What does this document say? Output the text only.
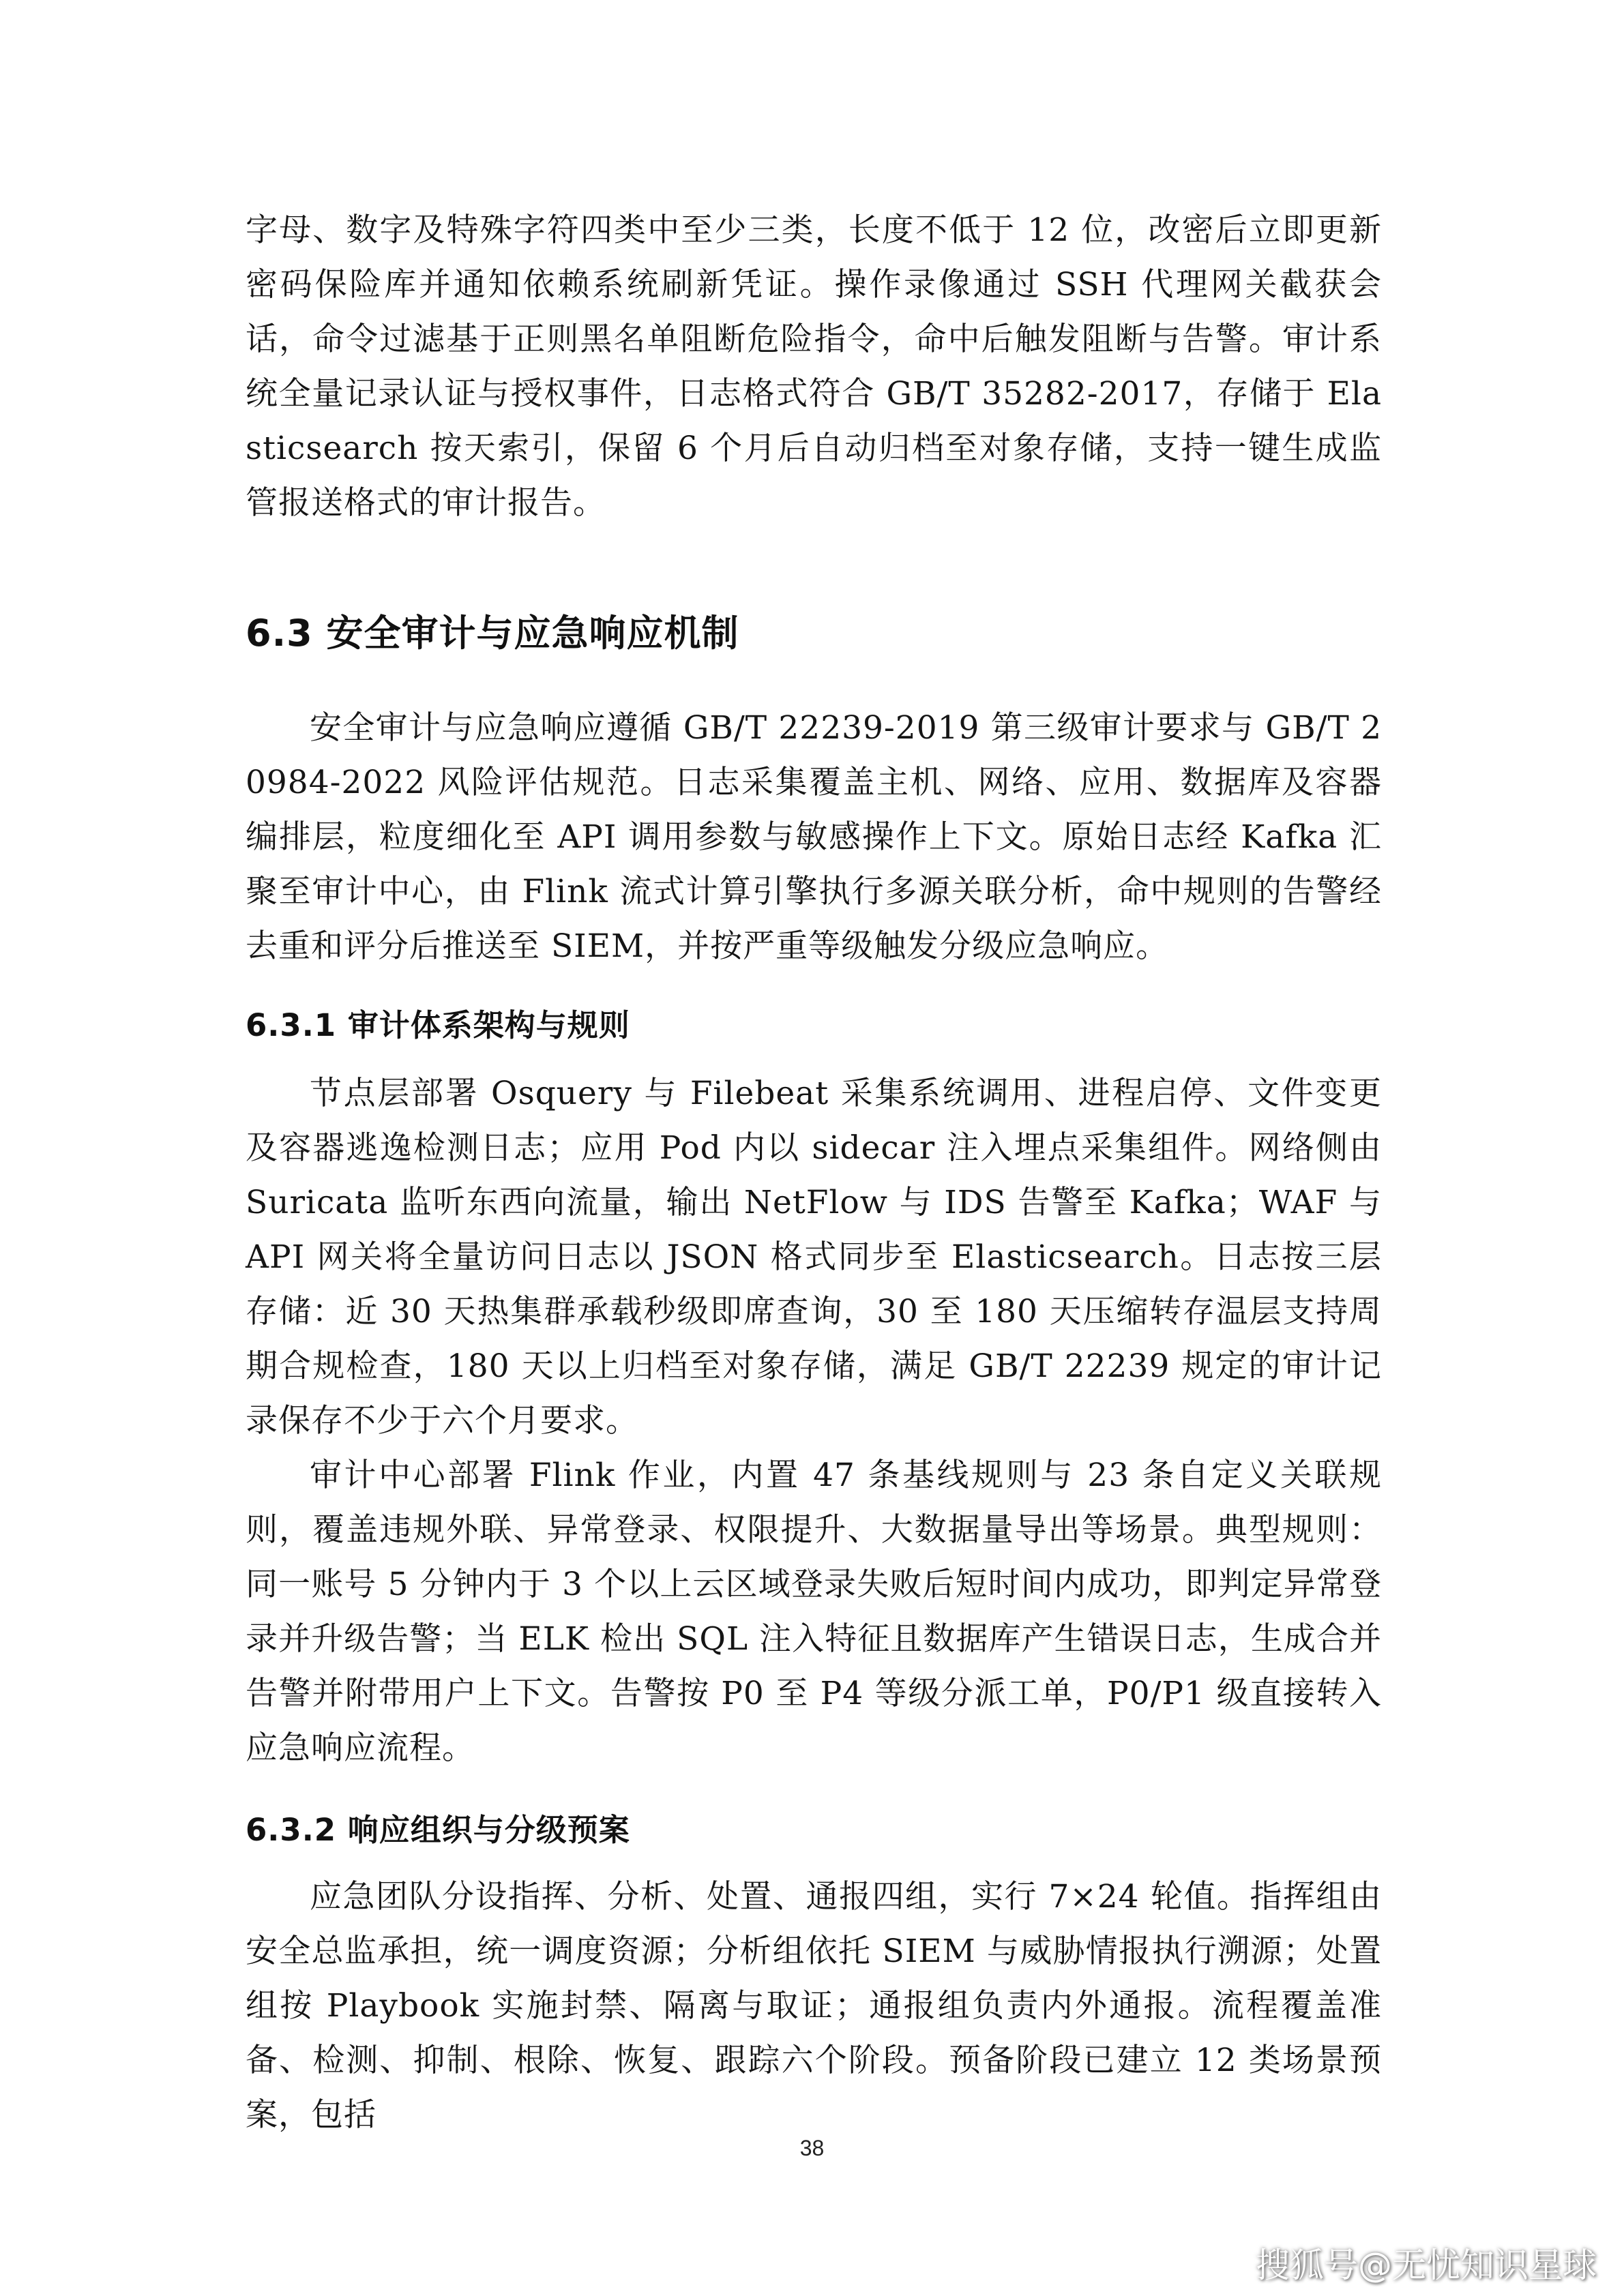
字母、数字及特殊字符四类中至少三类，长度不低于 12 位，改密后立即更新密码保险库并通知依赖系统刷新凭证。操作录像通过 SSH 代理网关截获会话，命令过滤基于正则黑名单阻断危险指令，命中后触发阻断与告警。审计系统全量记录认证与授权事件，日志格式符合 GB/T 35282-2017，存储于 Elasticsearch 按天索引，保留 6 个月后自动归档至对象存储，支持一键生成监管报送格式的审计报告。
6.3 安全审计与应急响应机制
安全审计与应急响应遵循 GB/T 22239-2019 第三级审计要求与 GB/T 20984-2022 风险评估规范。日志采集覆盖主机、网络、应用、数据库及容器编排层，粒度细化至 API 调用参数与敏感操作上下文。原始日志经 Kafka 汇聚至审计中心，由 Flink 流式计算引擎执行多源关联分析，命中规则的告警经去重和评分后推送至 SIEM，并按严重等级触发分级应急响应。
6.3.1 审计体系架构与规则
节点层部署 Osquery 与 Filebeat 采集系统调用、进程启停、文件变更及容器逃逸检测日志；应用 Pod 内以 sidecar 注入埋点采集组件。网络侧由 Suricata 监听东西向流量，输出 NetFlow 与 IDS 告警至 Kafka；WAF 与 API 网关将全量访问日志以 JSON 格式同步至 Elasticsearch。日志按三层存储：近 30 天热集群承载秒级即席查询，30 至 180 天压缩转存温层支持周期合规检查，180 天以上归档至对象存储，满足 GB/T 22239 规定的审计记录保存不少于六个月要求。
审计中心部署 Flink 作业，内置 47 条基线规则与 23 条自定义关联规则，覆盖违规外联、异常登录、权限提升、大数据量导出等场景。典型规则：同一账号 5 分钟内于 3 个以上云区域登录失败后短时间内成功，即判定异常登录并升级告警；当 ELK 检出 SQL 注入特征且数据库产生错误日志，生成合并告警并附带用户上下文。告警按 P0 至 P4 等级分派工单，P0/P1 级直接转入应急响应流程。
6.3.2 响应组织与分级预案
应急团队分设指挥、分析、处置、通报四组，实行 7×24 轮值。指挥组由安全总监承担，统一调度资源；分析组依托 SIEM 与威胁情报执行溯源；处置组按 Playbook 实施封禁、隔离与取证；通报组负责内外通报。流程覆盖准备、检测、抑制、根除、恢复、跟踪六个阶段。预备阶段已建立 12 类场景预案，包括
38
搜狐号@无忧知识星球
